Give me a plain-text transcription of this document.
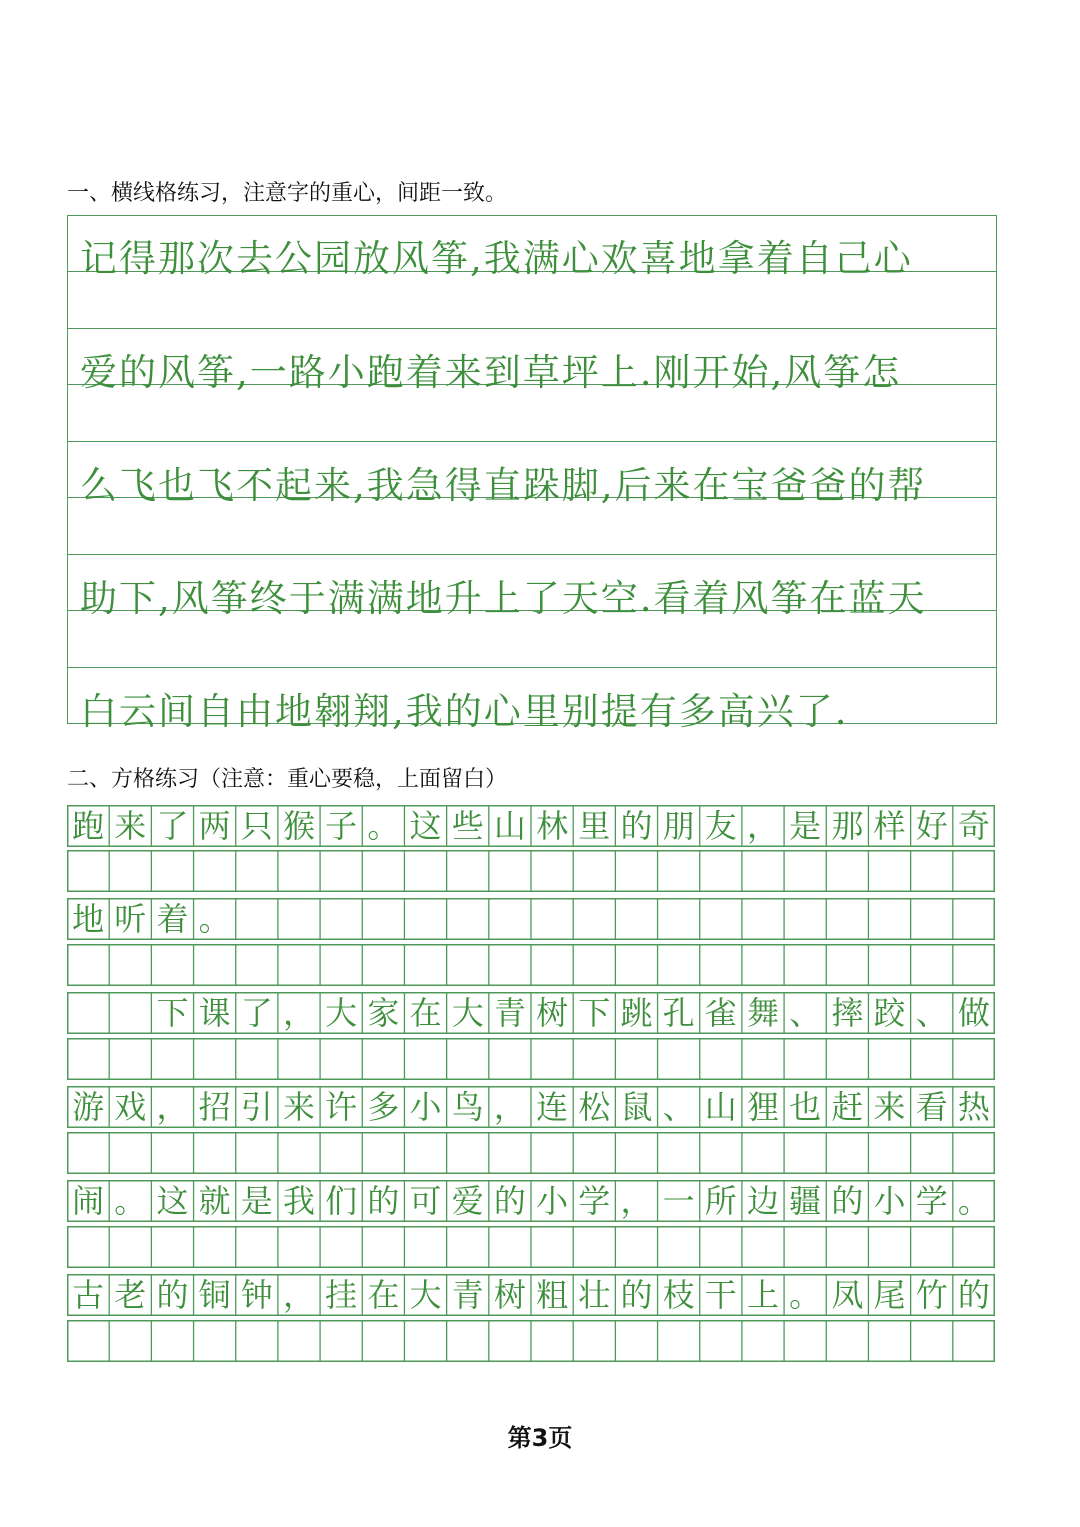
一、横线格练习，注意字的重心，间距一致。
记得那次去公园放风筝,我满心欢喜地拿着自己心
爱的风筝,一路小跑着来到草坪上.刚开始,风筝怎
么飞也飞不起来,我急得直跺脚,后来在宝爸爸的帮
助下,风筝终于满满地升上了天空.看着风筝在蓝天
白云间自由地翱翔,我的心里别提有多高兴了.
二、方格练习（注意：重心要稳，上面留白）
跑 来 了 两 只 猴 子 。 这 些 山 林 里 的 朋 友 ， 是 那 样 好 奇
地 听 着 。
下 课 了 ， 大 家 在 大 青 树 下 跳 孔 雀 舞 、 摔 跤 、 做
游 戏 ， 招 引 来 许 多 小 鸟 ， 连 松 鼠 、 山 狸 也 赶 来 看 热
闹 。 这 就 是 我 们 的 可 爱 的 小 学 ， 一 所 边 疆 的 小 学 。
古 老 的 铜 钟 ， 挂 在 大 青 树 粗 壮 的 枝 干 上 。 凤 尾 竹 的
第3页
